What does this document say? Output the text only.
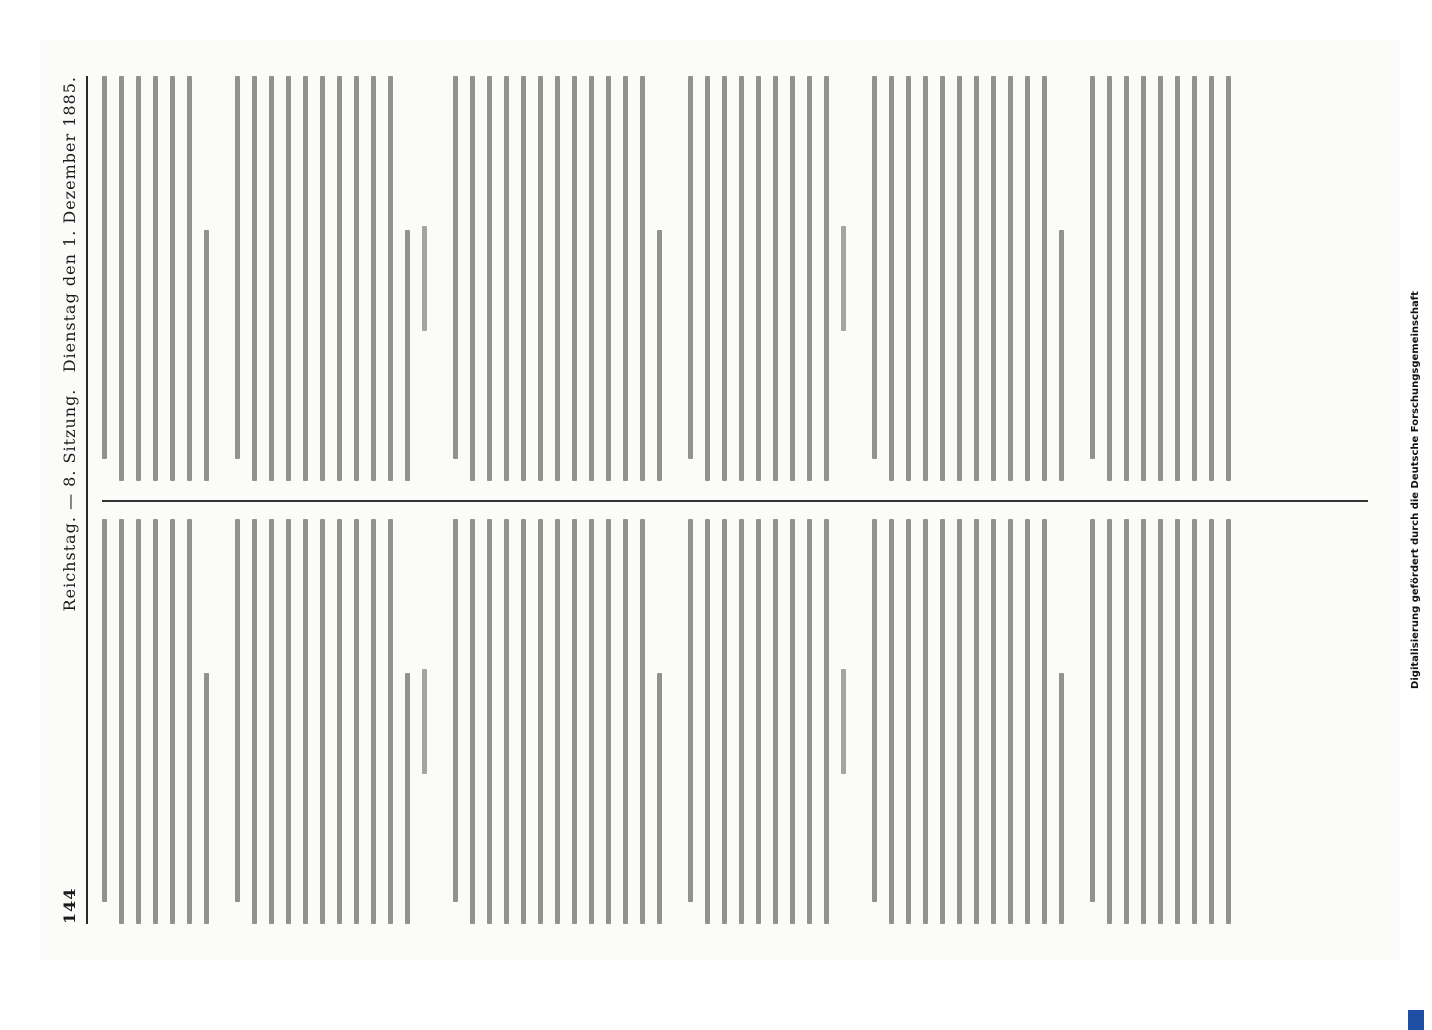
144
Reichstag. — 8. Sitzung.
Dienstag den 1. Dezember 1885.
Digitalisierung gefördert durch die Deutsche Forschungsgemeinschaft
